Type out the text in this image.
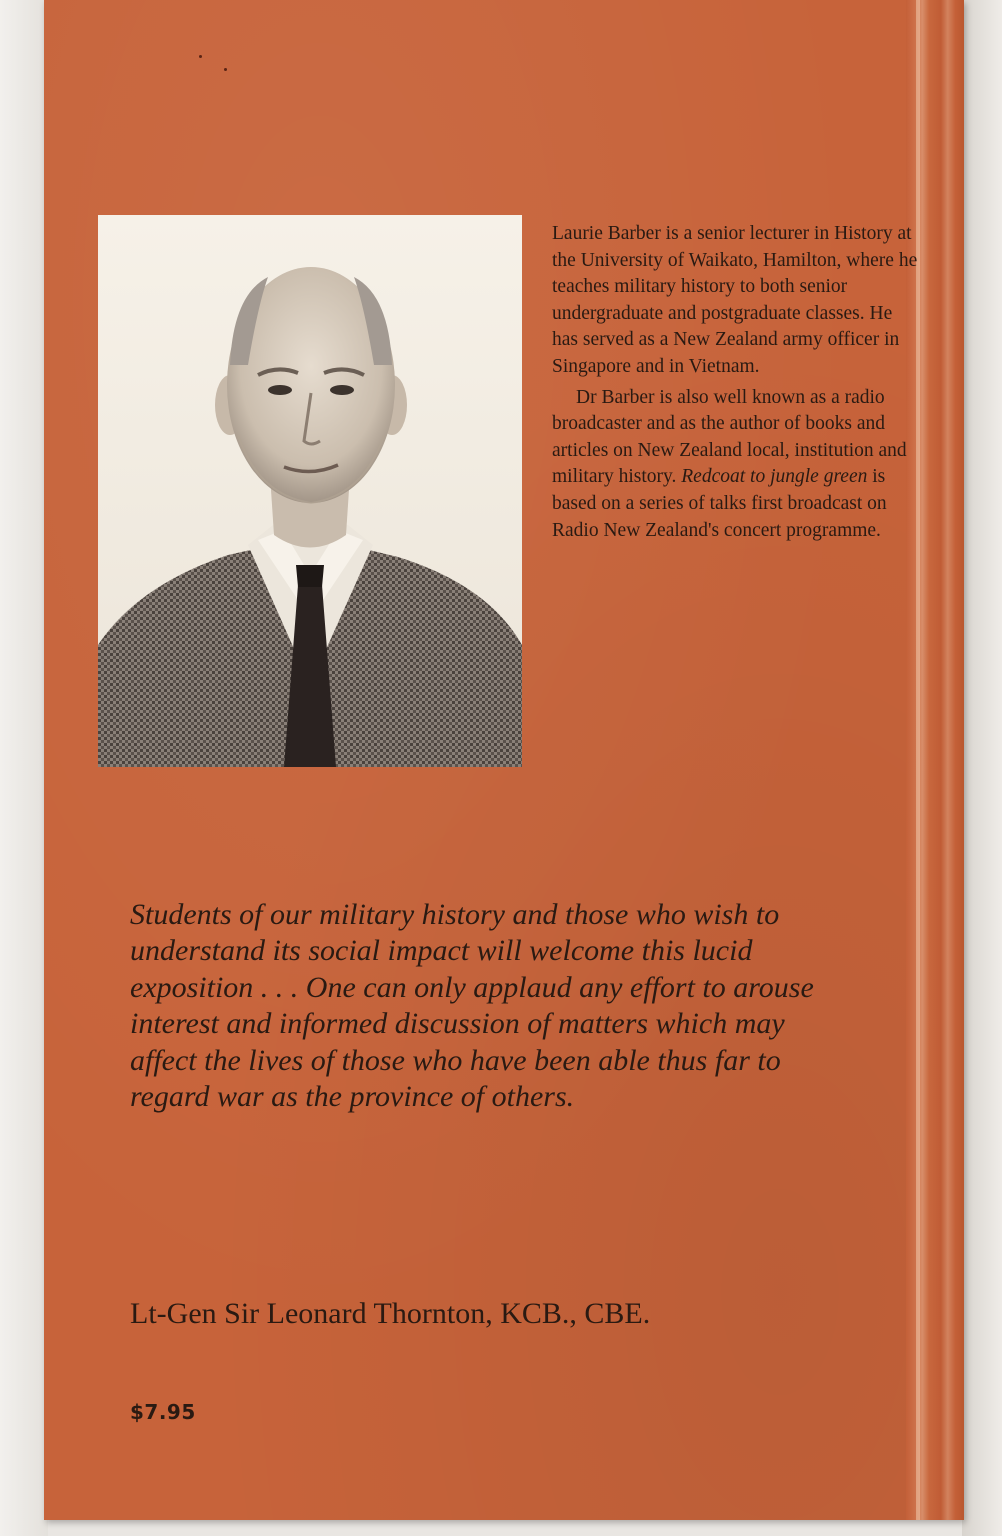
Laurie Barber is a senior lecturer in History at the University of Waikato, Hamilton, where he teaches military history to both senior undergraduate and postgraduate classes. He has served as a New Zealand army officer in Singapore and in Vietnam.

Dr Barber is also well known as a radio broadcaster and as the author of books and articles on New Zealand local, institution and military history. Redcoat to jungle green is based on a series of talks first broadcast on Radio New Zealand's concert programme.

Students of our military history and those who wish to understand its social impact will welcome this lucid exposition . . . One can only applaud any effort to arouse interest and informed discussion of matters which may affect the lives of those who have been able thus far to regard war as the province of others.
Lt-Gen Sir Leonard Thornton, KCB., CBE.
$7.95
